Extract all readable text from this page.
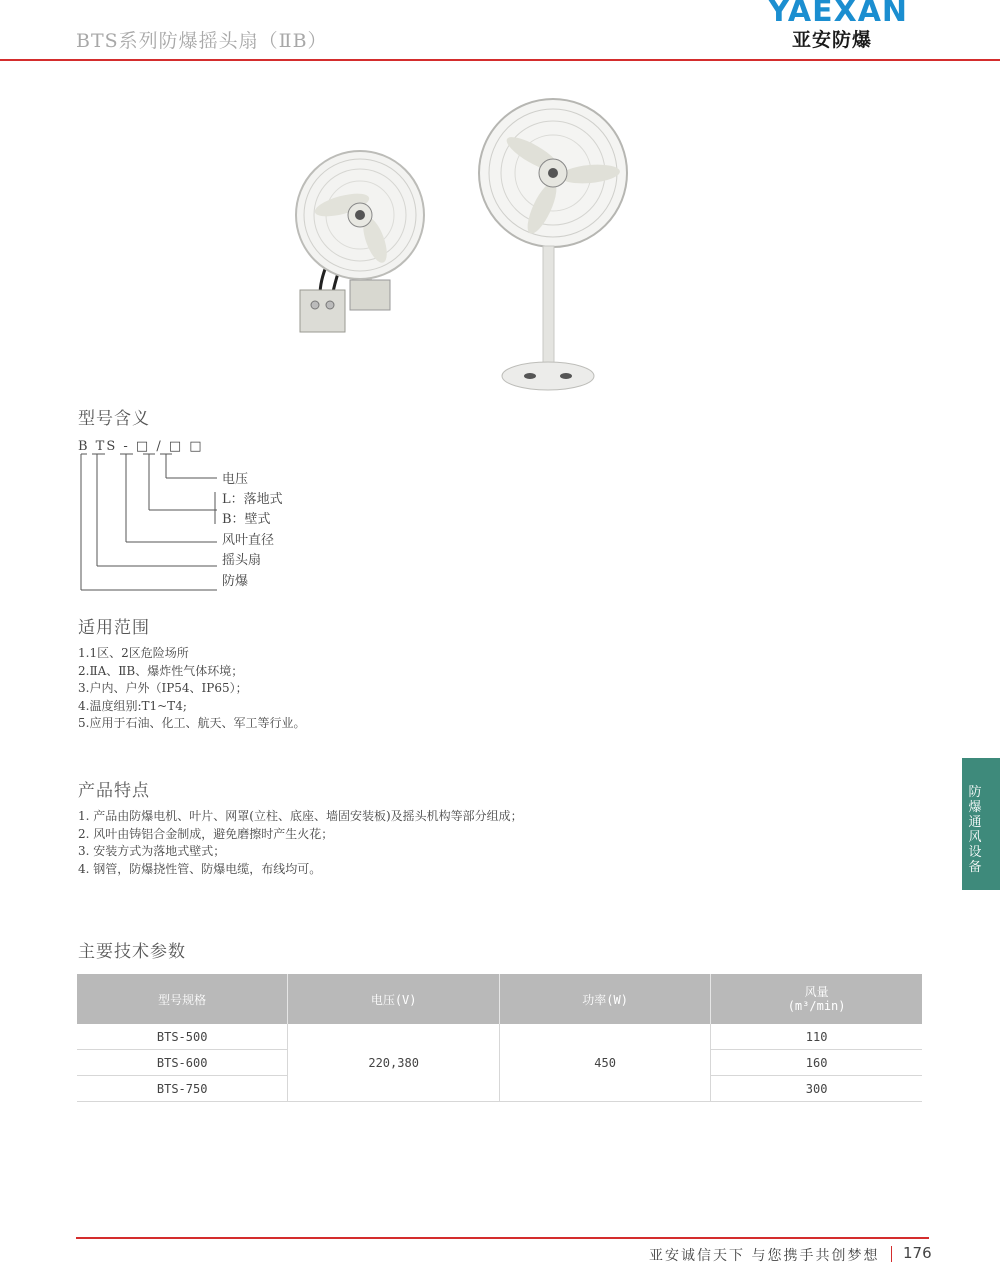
BTS系列防爆摇头扇（ⅡB）
YAEXAN
亚安防爆
型号含义
B TS - □ / □ □
电压
L：落地式
B：壁式
风叶直径
摇头扇
防爆
适用范围
1.1区、2区危险场所
2.ⅡA、ⅡB、爆炸性气体环境；
3.户内、户外（IP54、IP65）；
4.温度组别:T1~T4;
5.应用于石油、化工、航天、军工等行业。
产品特点
1. 产品由防爆电机、叶片、网罩(立柱、底座、墙固安装板)及摇头机构等部分组成；
2. 风叶由铸铝合金制成，避免磨擦时产生火花；
3. 安装方式为落地式壁式；
4. 钢管，防爆挠性管、防爆电缆，布线均可。
主要技术参数
型号规格	电压(V)	功率(W)	风量
(m³/min)

BTS-500	220,380	450	110
BTS-600			160
BTS-750			300
防爆通风设备
亚安诚信天下 与您携手共创梦想 176
